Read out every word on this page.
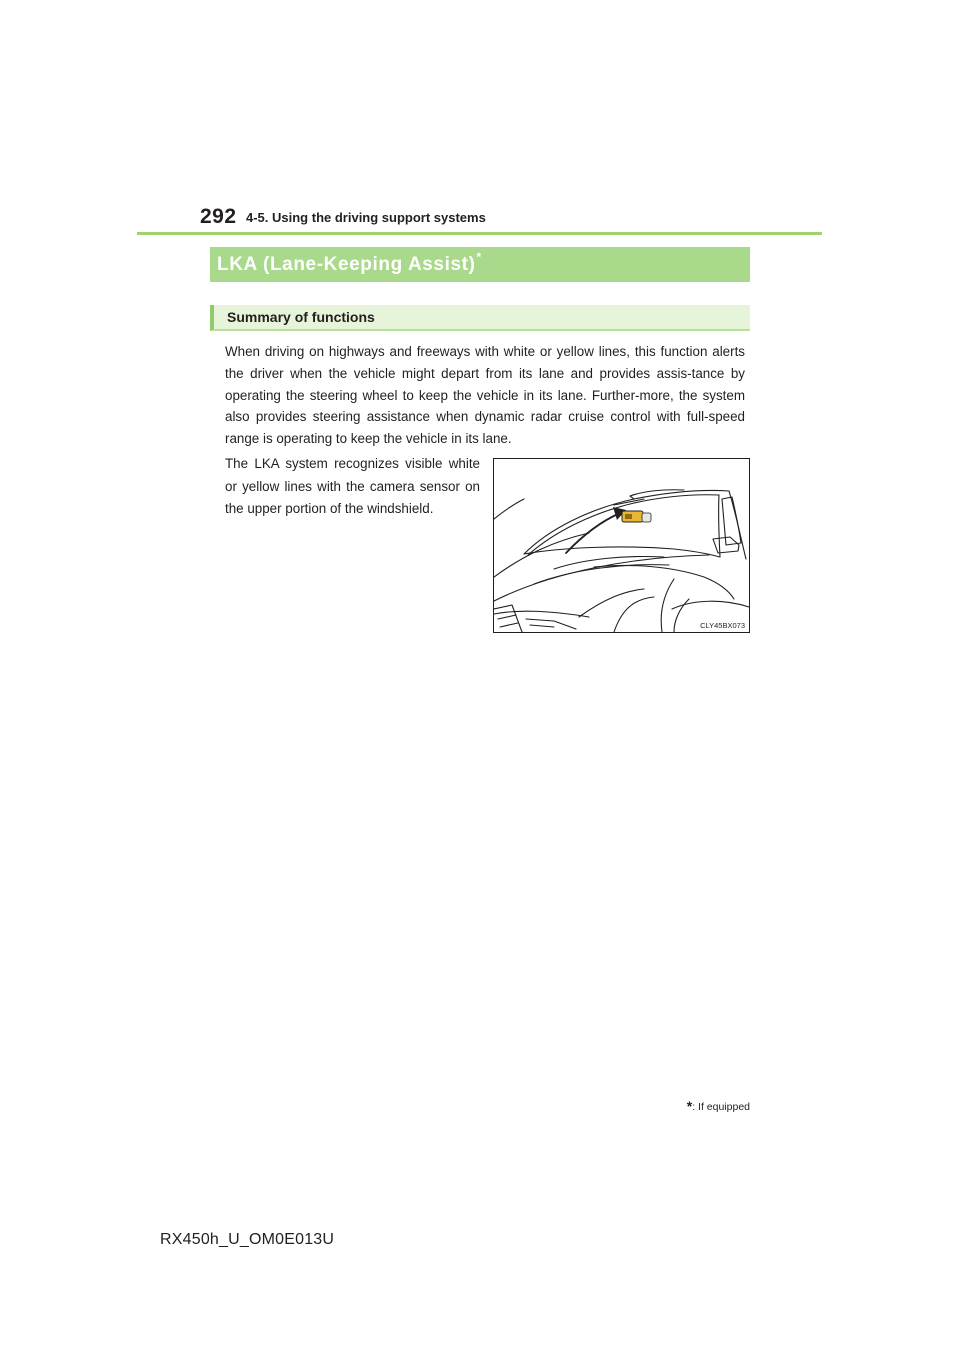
292 4-5. Using the driving support systems
LKA (Lane-Keeping Assist) *
Summary of functions

When driving on highways and freeways with white or yellow lines, this function alerts the driver when the vehicle might depart from its lane and provides assis-tance by operating the steering wheel to keep the vehicle in its lane. Further-more, the system also provides steering assistance when dynamic radar cruise control with full-speed range is operating to keep the vehicle in its lane.

The LKA system recognizes visible white or yellow lines with the camera sensor on the upper portion of the windshield.

CLY45BX073
*: If equipped
RX450h_U_OM0E013U
